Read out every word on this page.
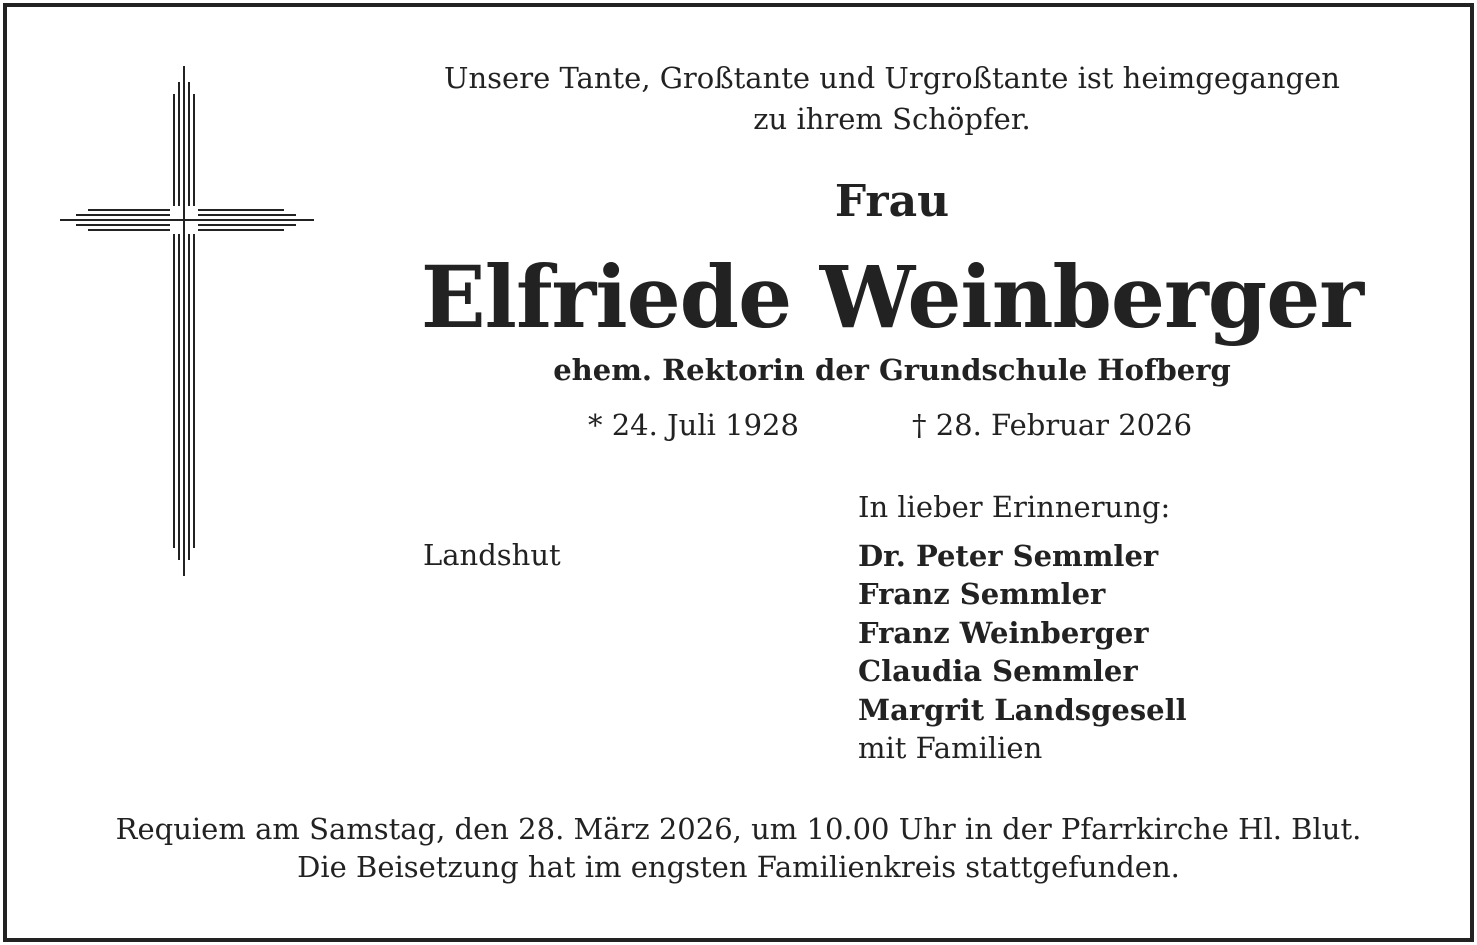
Unsere Tante, Großtante und Urgroßtante ist heimgegangen
zu ihrem Schöpfer.
Frau
Elfriede Weinberger
ehem. Rektorin der Grundschule Hofberg
* 24. Juli 1928	† 28. Februar 2026
Landshut
In lieber Erinnerung:
Dr. Peter Semmler
Franz Semmler
Franz Weinberger
Claudia Semmler
Margrit Landsgesell
mit Familien
Requiem am Samstag, den 28. März 2026, um 10.00 Uhr in der Pfarrkirche Hl. Blut.
Die Beisetzung hat im engsten Familienkreis stattgefunden.
